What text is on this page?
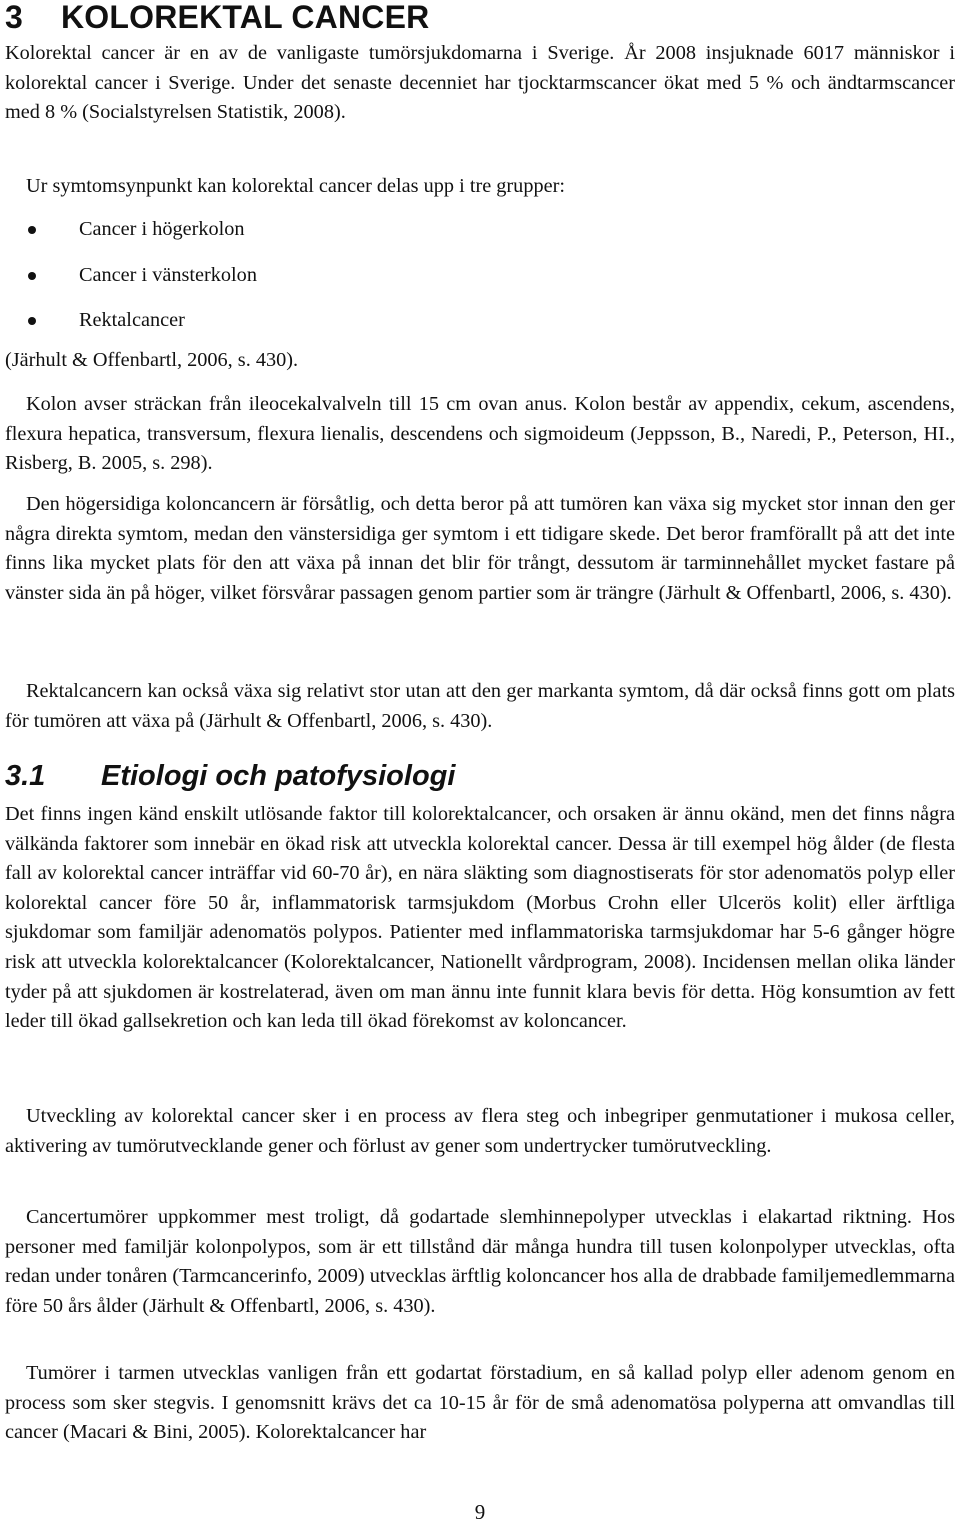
3 KOLOREKTAL CANCER

Kolorektal cancer är en av de vanligaste tumörsjukdomarna i Sverige. År 2008 insjuknade 6017 människor i kolorektal cancer i Sverige. Under det senaste decenniet har tjocktarmscancer ökat med 5 % och ändtarmscancer med 8 % (Socialstyrelsen Statistik, 2008).

Ur symtomsynpunkt kan kolorektal cancer delas upp i tre grupper:

Cancer i högerkolon
Cancer i vänsterkolon
Rektalcancer

(Järhult & Offenbartl, 2006, s. 430).

Kolon avser sträckan från ileocekalvalveln till 15 cm ovan anus. Kolon består av appendix, cekum, ascendens, flexura hepatica, transversum, flexura lienalis, descendens och sigmoideum (Jeppsson, B., Naredi, P., Peterson, HI., Risberg, B. 2005, s. 298).

Den högersidiga koloncancern är försåtlig, och detta beror på att tumören kan växa sig mycket stor innan den ger några direkta symtom, medan den vänstersidiga ger symtom i ett tidigare skede. Det beror framförallt på att det inte finns lika mycket plats för den att växa på innan det blir för trångt, dessutom är tarminnehållet mycket fastare på vänster sida än på höger, vilket försvårar passagen genom partier som är trängre (Järhult & Offenbartl, 2006, s. 430).

Rektalcancern kan också växa sig relativt stor utan att den ger markanta symtom, då där också finns gott om plats för tumören att växa på (Järhult & Offenbartl, 2006, s. 430).

3.1 Etiologi och patofysiologi

Det finns ingen känd enskilt utlösande faktor till kolorektalcancer, och orsaken är ännu okänd, men det finns några välkända faktorer som innebär en ökad risk att utveckla kolorektal cancer. Dessa är till exempel hög ålder (de flesta fall av kolorektal cancer inträffar vid 60-70 år), en nära släkting som diagnostiserats för stor adenomatös polyp eller kolorektal cancer före 50 år, inflammatorisk tarmsjukdom (Morbus Crohn eller Ulcerös kolit) eller ärftliga sjukdomar som familjär adenomatös polypos. Patienter med inflammatoriska tarmsjukdomar har 5-6 gånger högre risk att utveckla kolorektalcancer (Kolorektalcancer, Nationellt vårdprogram, 2008). Incidensen mellan olika länder tyder på att sjukdomen är kostrelaterad, även om man ännu inte funnit klara bevis för detta. Hög konsumtion av fett leder till ökad gallsekretion och kan leda till ökad förekomst av koloncancer.

Utveckling av kolorektal cancer sker i en process av flera steg och inbegriper genmutationer i mukosa celler, aktivering av tumörutvecklande gener och förlust av gener som undertrycker tumörutveckling.

Cancertumörer uppkommer mest troligt, då godartade slemhinnepolyper utvecklas i elakartad riktning. Hos personer med familjär kolonpolypos, som är ett tillstånd där många hundra till tusen kolonpolyper utvecklas, ofta redan under tonåren (Tarmcancerinfo, 2009) utvecklas ärftlig koloncancer hos alla de drabbade familjemedlemmarna före 50 års ålder (Järhult & Offenbartl, 2006, s. 430).

Tumörer i tarmen utvecklas vanligen från ett godartat förstadium, en så kallad polyp eller adenom genom en process som sker stegvis. I genomsnitt krävs det ca 10-15 år för de små adenomatösa polyperna att omvandlas till cancer (Macari & Bini, 2005). Kolorektalcancer har

9
